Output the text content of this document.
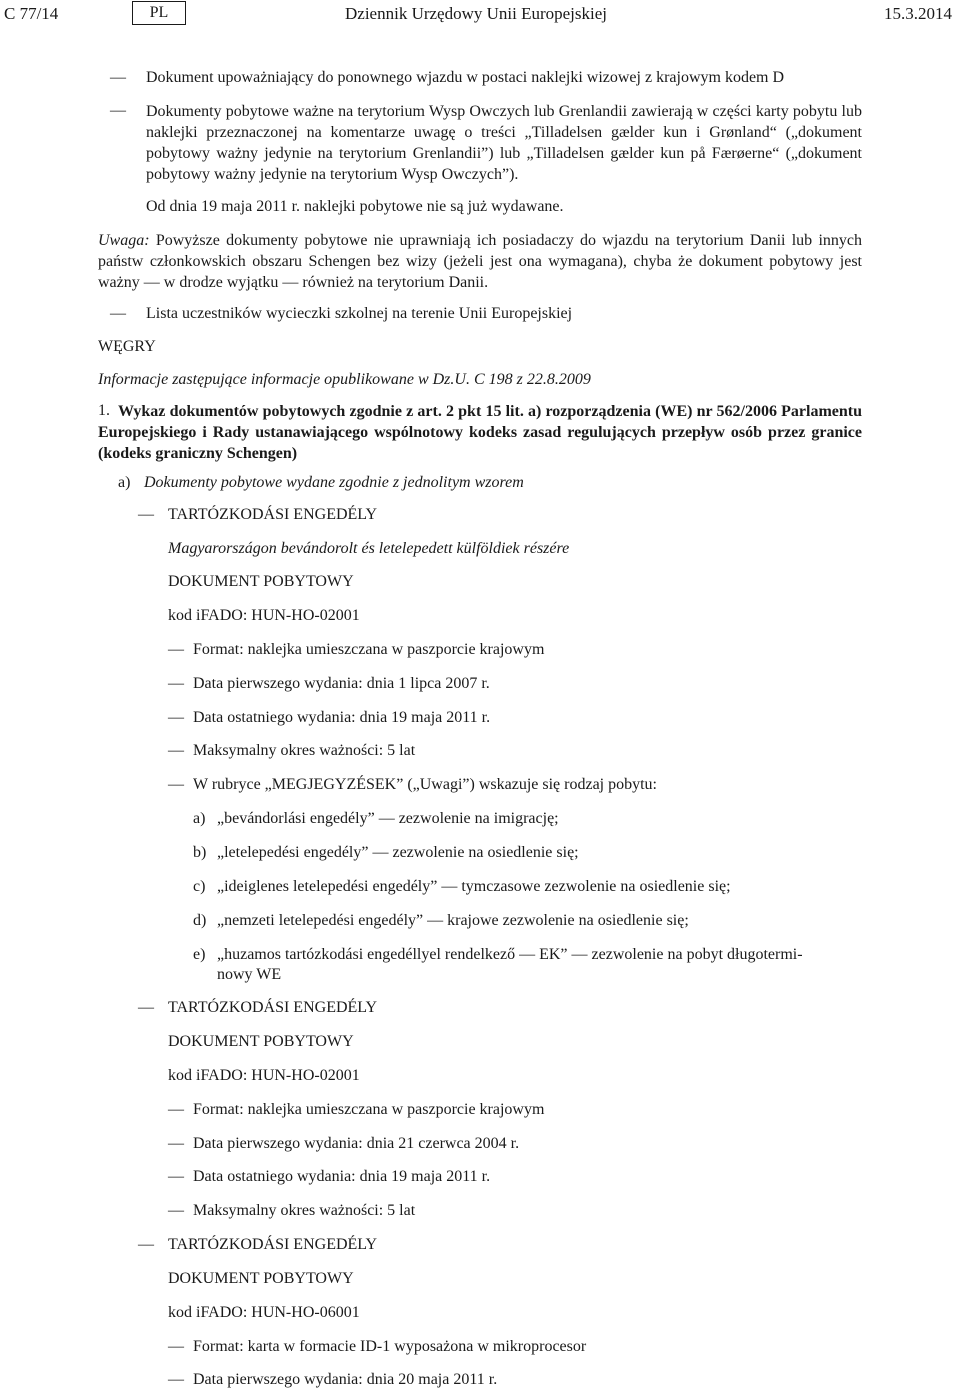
C 77/14	PL	Dziennik Urzędowy Unii Europejskiej	15.3.2014
— Dokument upoważniający do ponownego wjazdu w postaci naklejki wizowej z krajowym kodem D
— Dokumenty pobytowe ważne na terytorium Wysp Owczych lub Grenlandii zawierają w części karty pobytu lub naklejki przeznaczonej na komentarze uwagę o treści „Tilladelsen gælder kun i Grønland“ („dokument pobytowy ważny jedynie na terytorium Grenlandii”) lub „Tilladelsen gælder kun på Færøerne“ („dokument pobytowy ważny jedynie na terytorium Wysp Owczych”).
Od dnia 19 maja 2011 r. naklejki pobytowe nie są już wydawane.
Uwaga: Powyższe dokumenty pobytowe nie uprawniają ich posiadaczy do wjazdu na terytorium Danii lub innych państw członkowskich obszaru Schengen bez wizy (jeżeli jest ona wymagana), chyba że dokument pobytowy jest ważny — w drodze wyjątku — również na terytorium Danii.
— Lista uczestników wycieczki szkolnej na terenie Unii Europejskiej
WĘGRY
Informacje zastępujące informacje opublikowane w Dz.U. C 198 z 22.8.2009
1. Wykaz dokumentów pobytowych zgodnie z art. 2 pkt 15 lit. a) rozporządzenia (WE) nr 562/2006 Parlamentu Europejskiego i Rady ustanawiającego wspólnotowy kodeks zasad regulujących przepływ osób przez granice (kodeks graniczny Schengen)
a) Dokumenty pobytowe wydane zgodnie z jednolitym wzorem
— TARTÓZKODÁSI ENGEDÉLY
Magyarországon bevándorolt és letelepedett külföldiek részére
DOKUMENT POBYTOWY
kod iFADO: HUN-HO-02001
— Format: naklejka umieszczana w paszporcie krajowym
— Data pierwszego wydania: dnia 1 lipca 2007 r.
— Data ostatniego wydania: dnia 19 maja 2011 r.
— Maksymalny okres ważności: 5 lat
— W rubryce „MEGJEGYZÉSEK” („Uwagi”) wskazuje się rodzaj pobytu:
a) „bevándorlási engedély” — zezwolenie na imigrację;
b) „letelepedési engedély” — zezwolenie na osiedlenie się;
c) „ideiglenes letelepedési engedély” — tymczasowe zezwolenie na osiedlenie się;
d) „nemzeti letelepedési engedély” — krajowe zezwolenie na osiedlenie się;
e) „huzamos tartózkodási engedéllyel rendelkező — EK” — zezwolenie na pobyt długotermi-
nowy WE
— TARTÓZKODÁSI ENGEDÉLY
DOKUMENT POBYTOWY
kod iFADO: HUN-HO-02001
— Format: naklejka umieszczana w paszporcie krajowym
— Data pierwszego wydania: dnia 21 czerwca 2004 r.
— Data ostatniego wydania: dnia 19 maja 2011 r.
— Maksymalny okres ważności: 5 lat
— TARTÓZKODÁSI ENGEDÉLY
DOKUMENT POBYTOWY
kod iFADO: HUN-HO-06001
— Format: karta w formacie ID-1 wyposażona w mikroprocesor
— Data pierwszego wydania: dnia 20 maja 2011 r.
